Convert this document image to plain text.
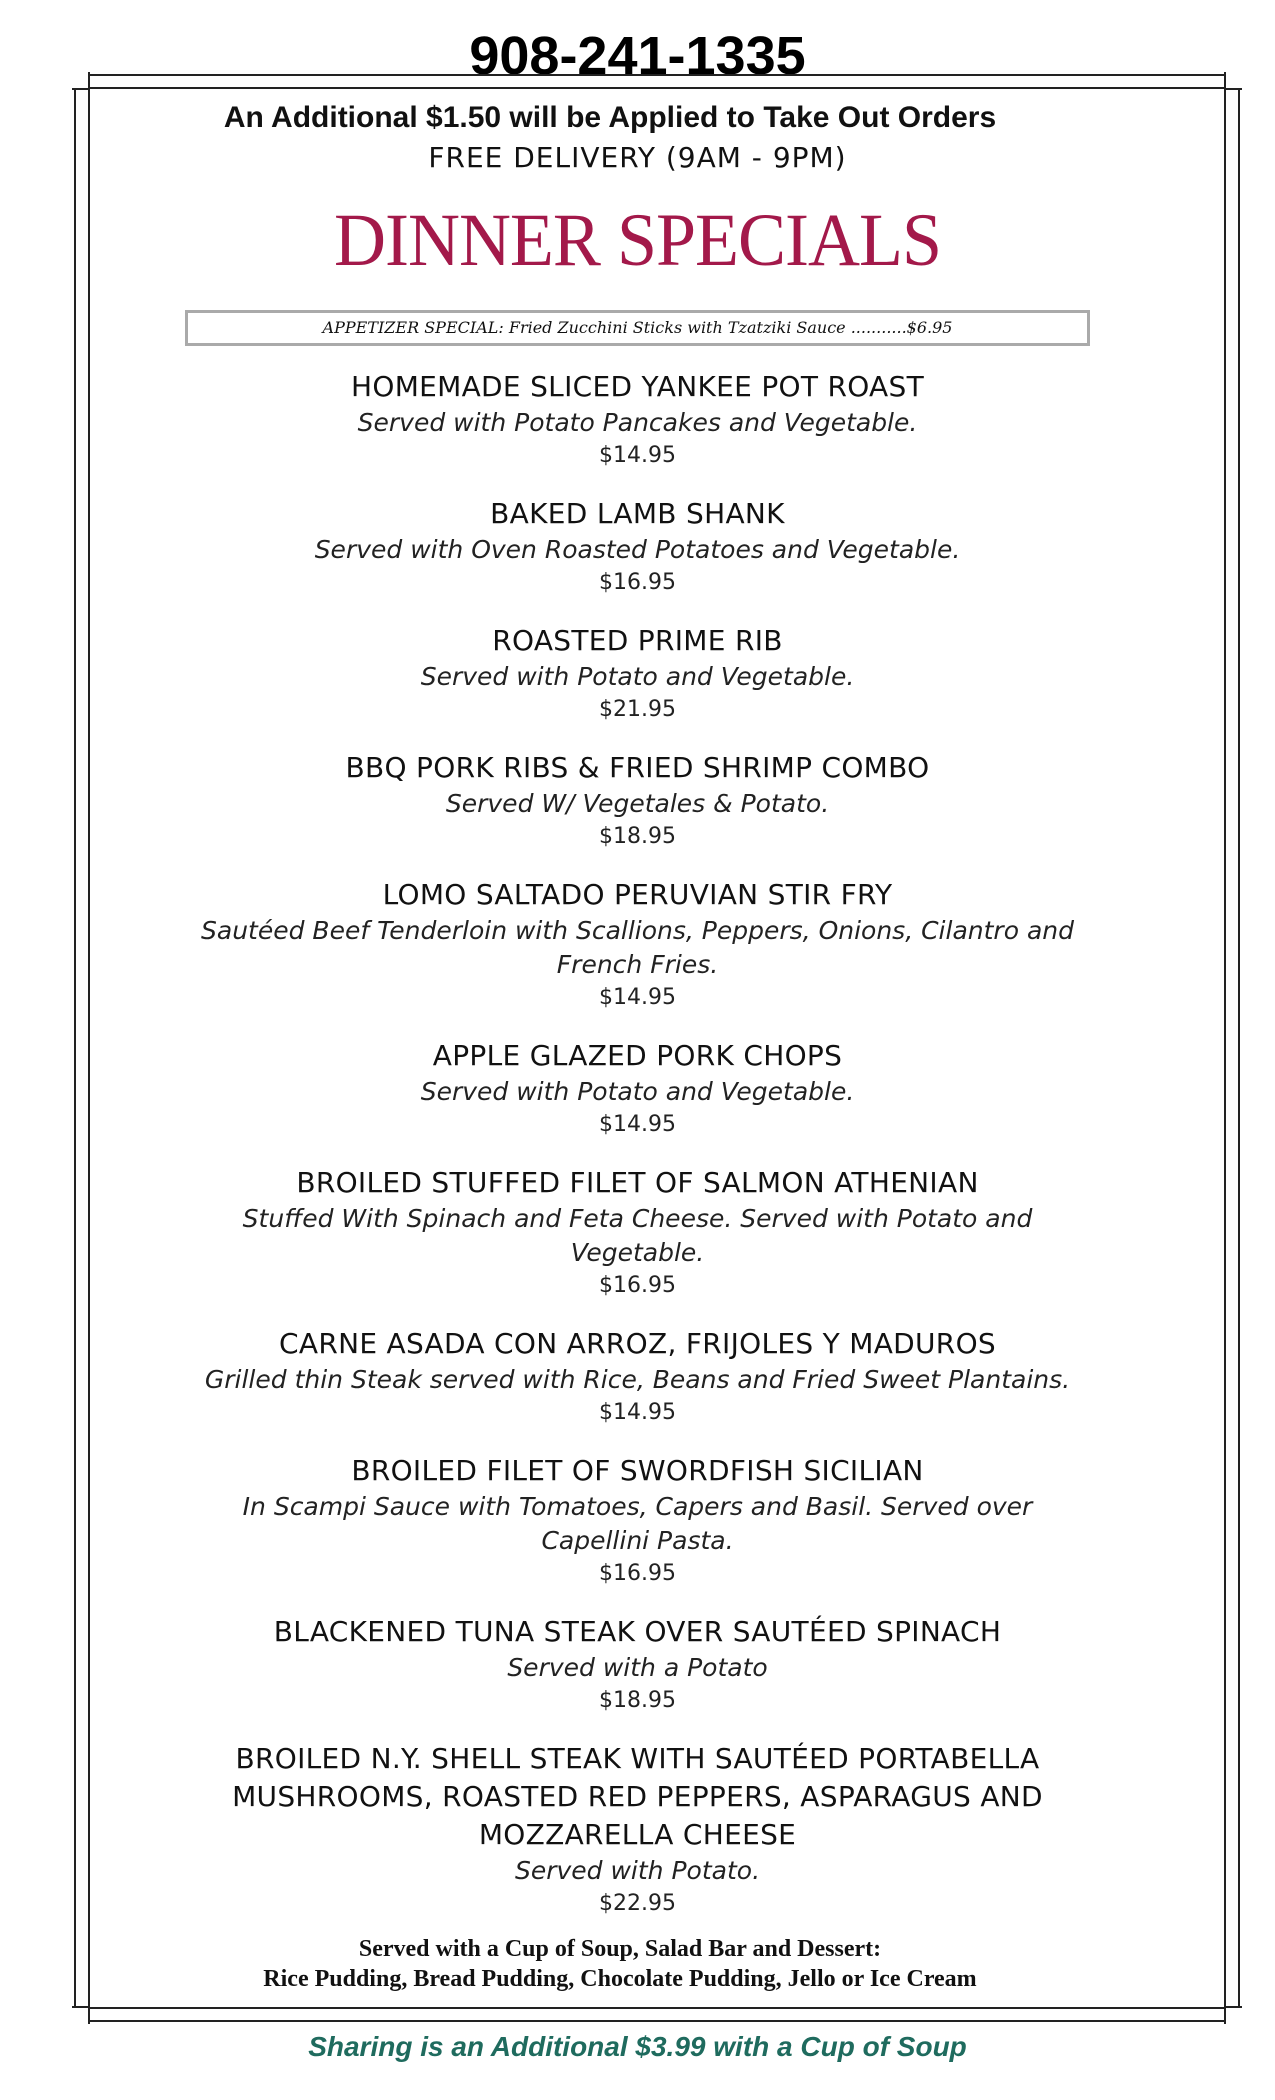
908-241-1335
An Additional $1.50 will be Applied to Take Out Orders
FREE DELIVERY (9AM - 9PM)
DINNER SPECIALS
APPETIZER SPECIAL: Fried Zucchini Sticks with Tzatziki Sauce ...........$6.95
HOMEMADE SLICED YANKEE POT ROAST
Served with Potato Pancakes and Vegetable.
$14.95
BAKED LAMB SHANK
Served with Oven Roasted Potatoes and Vegetable.
$16.95
ROASTED PRIME RIB
Served with Potato and Vegetable.
$21.95
BBQ PORK RIBS & FRIED SHRIMP COMBO
Served W/ Vegetales & Potato.
$18.95
LOMO SALTADO PERUVIAN STIR FRY
Sautéed Beef Tenderloin with Scallions, Peppers, Onions, Cilantro and French Fries.
$14.95
APPLE GLAZED PORK CHOPS
Served with Potato and Vegetable.
$14.95
BROILED STUFFED FILET OF SALMON ATHENIAN
Stuffed With Spinach and Feta Cheese. Served with Potato and Vegetable.
$16.95
CARNE ASADA CON ARROZ, FRIJOLES Y MADUROS
Grilled thin Steak served with Rice, Beans and Fried Sweet Plantains.
$14.95
BROILED FILET OF SWORDFISH SICILIAN
In Scampi Sauce with Tomatoes, Capers and Basil. Served over Capellini Pasta.
$16.95
BLACKENED TUNA STEAK OVER SAUTÉED SPINACH
Served with a Potato
$18.95
BROILED N.Y. SHELL STEAK WITH SAUTÉED PORTABELLA MUSHROOMS, ROASTED RED PEPPERS, ASPARAGUS AND MOZZARELLA CHEESE
Served with Potato.
$22.95
Served with a Cup of Soup, Salad Bar and Dessert:
Rice Pudding, Bread Pudding, Chocolate Pudding, Jello or Ice Cream
Sharing is an Additional $3.99 with a Cup of Soup
